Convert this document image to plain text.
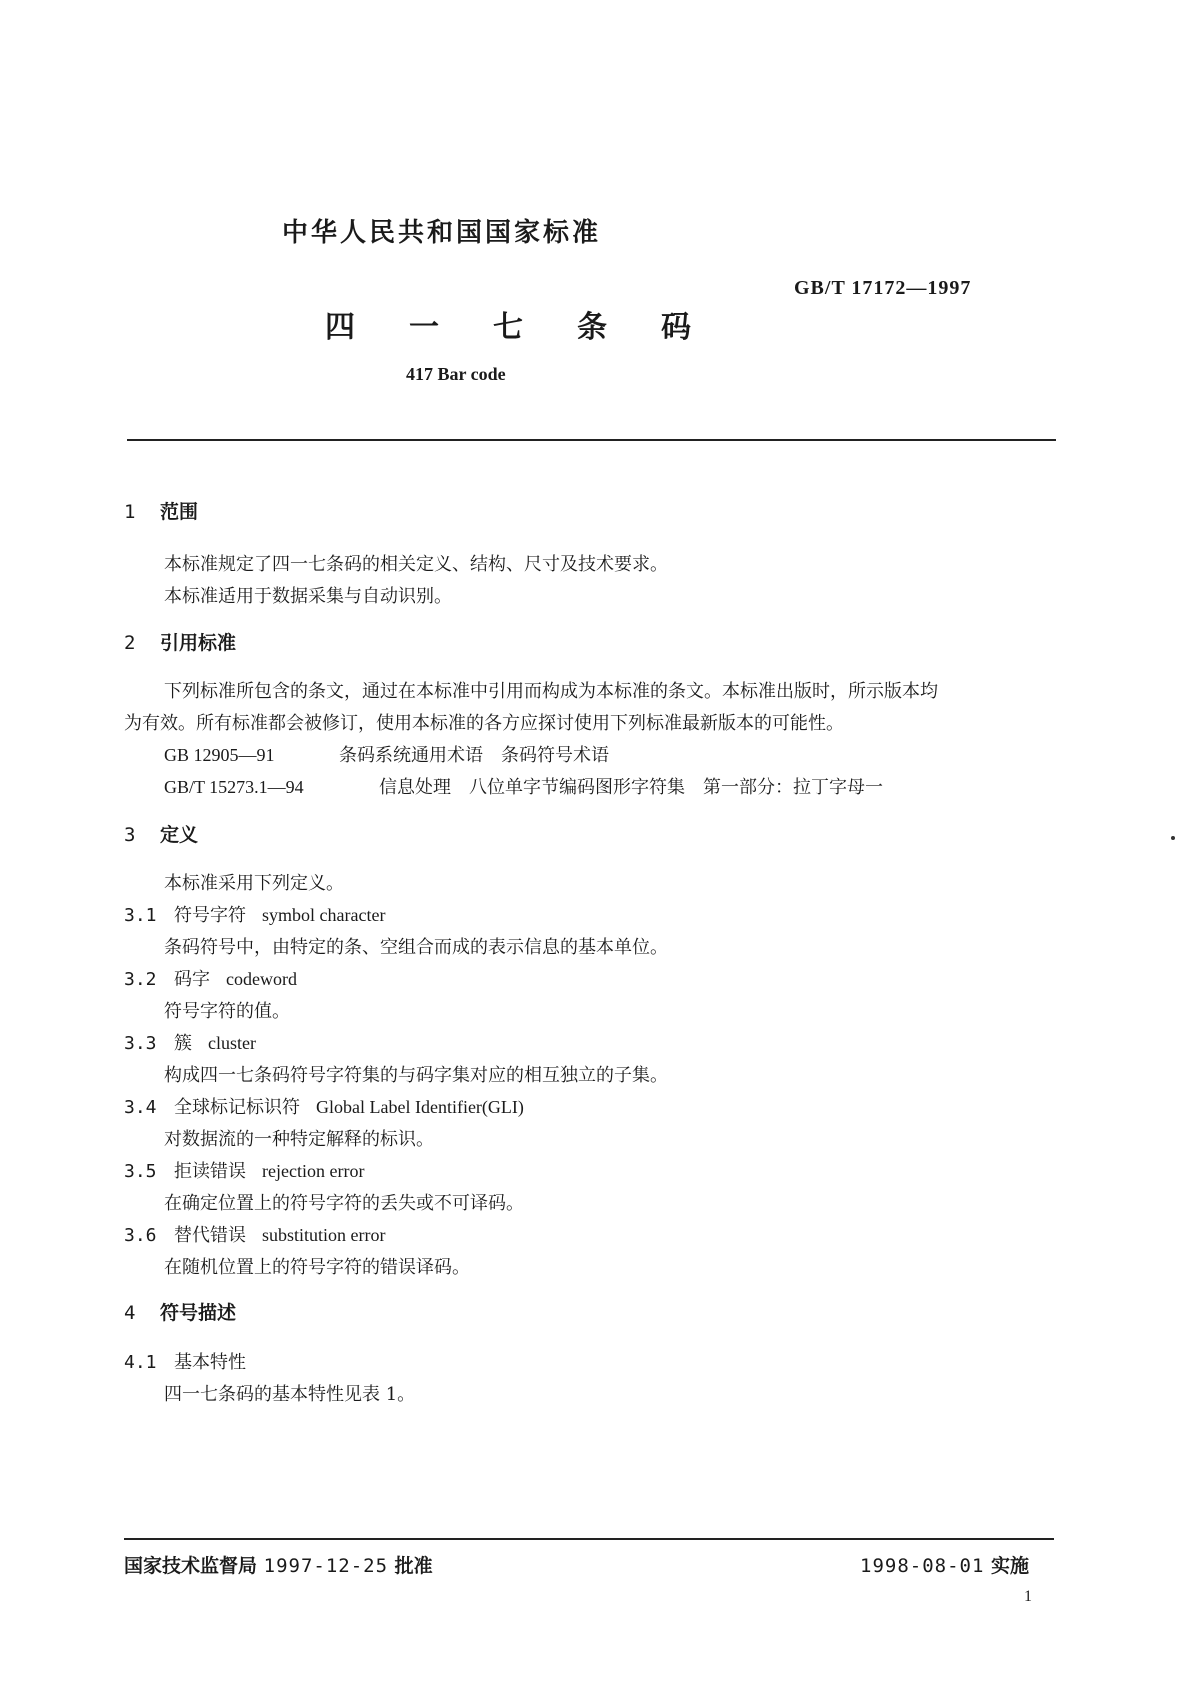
中华人民共和国国家标准
GB/T 17172—1997
四 一 七 条 码
417 Bar code
1 范围
本标准规定了四一七条码的相关定义、结构、尺寸及技术要求。
本标准适用于数据采集与自动识别。
2 引用标准
下列标准所包含的条文，通过在本标准中引用而构成为本标准的条文。本标准出版时，所示版本均
为有效。所有标准都会被修订，使用本标准的各方应探讨使用下列标准最新版本的可能性。
GB 12905—91	条码系统通用术语　条码符号术语
GB/T 15273.1—94	信息处理　八位单字节编码图形字符集　第一部分：拉丁字母一
3 定义
本标准采用下列定义。
3.1 符号字符 symbol character
条码符号中，由特定的条、空组合而成的表示信息的基本单位。
3.2 码字 codeword
符号字符的值。
3.3 簇 cluster
构成四一七条码符号字符集的与码字集对应的相互独立的子集。
3.4 全球标记标识符 Global Label Identifier(GLI)
对数据流的一种特定解释的标识。
3.5 拒读错误 rejection error
在确定位置上的符号字符的丢失或不可译码。
3.6 替代错误 substitution error
在随机位置上的符号字符的错误译码。
4 符号描述
4.1 基本特性
四一七条码的基本特性见表 1。
国家技术监督局 1997-12-25 批准	1998-08-01 实施
1
